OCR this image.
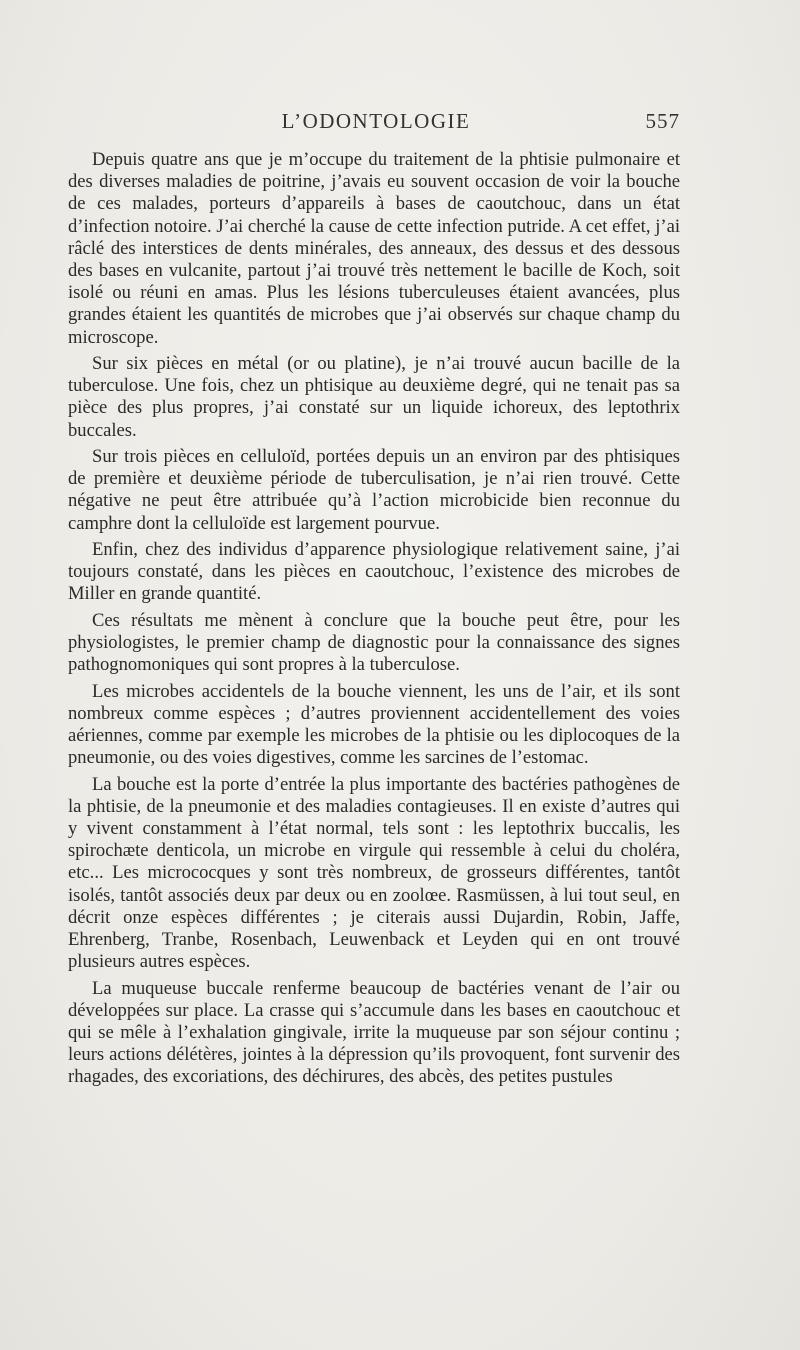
L’ODONTOLOGIE	557

Depuis quatre ans que je m’occupe du traitement de la phtisie pulmonaire et des diverses maladies de poitrine, j’avais eu souvent occasion de voir la bouche de ces malades, porteurs d’appareils à bases de caoutchouc, dans un état d’infection notoire. J’ai cherché la cause de cette infection putride. A cet effet, j’ai râclé des interstices de dents minérales, des anneaux, des dessus et des dessous des bases en vulcanite, partout j’ai trouvé très nettement le bacille de Koch, soit isolé ou réuni en amas. Plus les lésions tuberculeuses étaient avancées, plus grandes étaient les quantités de microbes que j’ai observés sur chaque champ du microscope.

Sur six pièces en métal (or ou platine), je n’ai trouvé aucun bacille de la tuberculose. Une fois, chez un phtisique au deuxième degré, qui ne tenait pas sa pièce des plus propres, j’ai constaté sur un liquide ichoreux, des leptothrix buccales.

Sur trois pièces en celluloïd, portées depuis un an environ par des phtisiques de première et deuxième période de tuberculisation, je n’ai rien trouvé. Cette négative ne peut être attribuée qu’à l’action microbicide bien reconnue du camphre dont la celluloïde est largement pourvue.

Enfin, chez des individus d’apparence physiologique relativement saine, j’ai toujours constaté, dans les pièces en caoutchouc, l’existence des microbes de Miller en grande quantité.

Ces résultats me mènent à conclure que la bouche peut être, pour les physiologistes, le premier champ de diagnostic pour la connaissance des signes pathognomoniques qui sont propres à la tuberculose.

Les microbes accidentels de la bouche viennent, les uns de l’air, et ils sont nombreux comme espèces ; d’autres proviennent accidentellement des voies aériennes, comme par exemple les microbes de la phtisie ou les diplocoques de la pneumonie, ou des voies digestives, comme les sarcines de l’estomac.

La bouche est la porte d’entrée la plus importante des bactéries pathogènes de la phtisie, de la pneumonie et des maladies contagieuses. Il en existe d’autres qui y vivent constamment à l’état normal, tels sont : les leptothrix buccalis, les spirochæte denticola, un microbe en virgule qui ressemble à celui du choléra, etc... Les micrococques y sont très nombreux, de grosseurs différentes, tantôt isolés, tantôt associés deux par deux ou en zoolœe. Rasmüssen, à lui tout seul, en décrit onze espèces différentes ; je citerais aussi Dujardin, Robin, Jaffe, Ehrenberg, Tranbe, Rosenbach, Leuwenback et Leyden qui en ont trouvé plusieurs autres espèces.

La muqueuse buccale renferme beaucoup de bactéries venant de l’air ou développées sur place. La crasse qui s’accumule dans les bases en caoutchouc et qui se mêle à l’exhalation gingivale, irrite la muqueuse par son séjour continu ; leurs actions délétères, jointes à la dépression qu’ils provoquent, font survenir des rhagades, des excoriations, des déchirures, des abcès, des petites pustules
